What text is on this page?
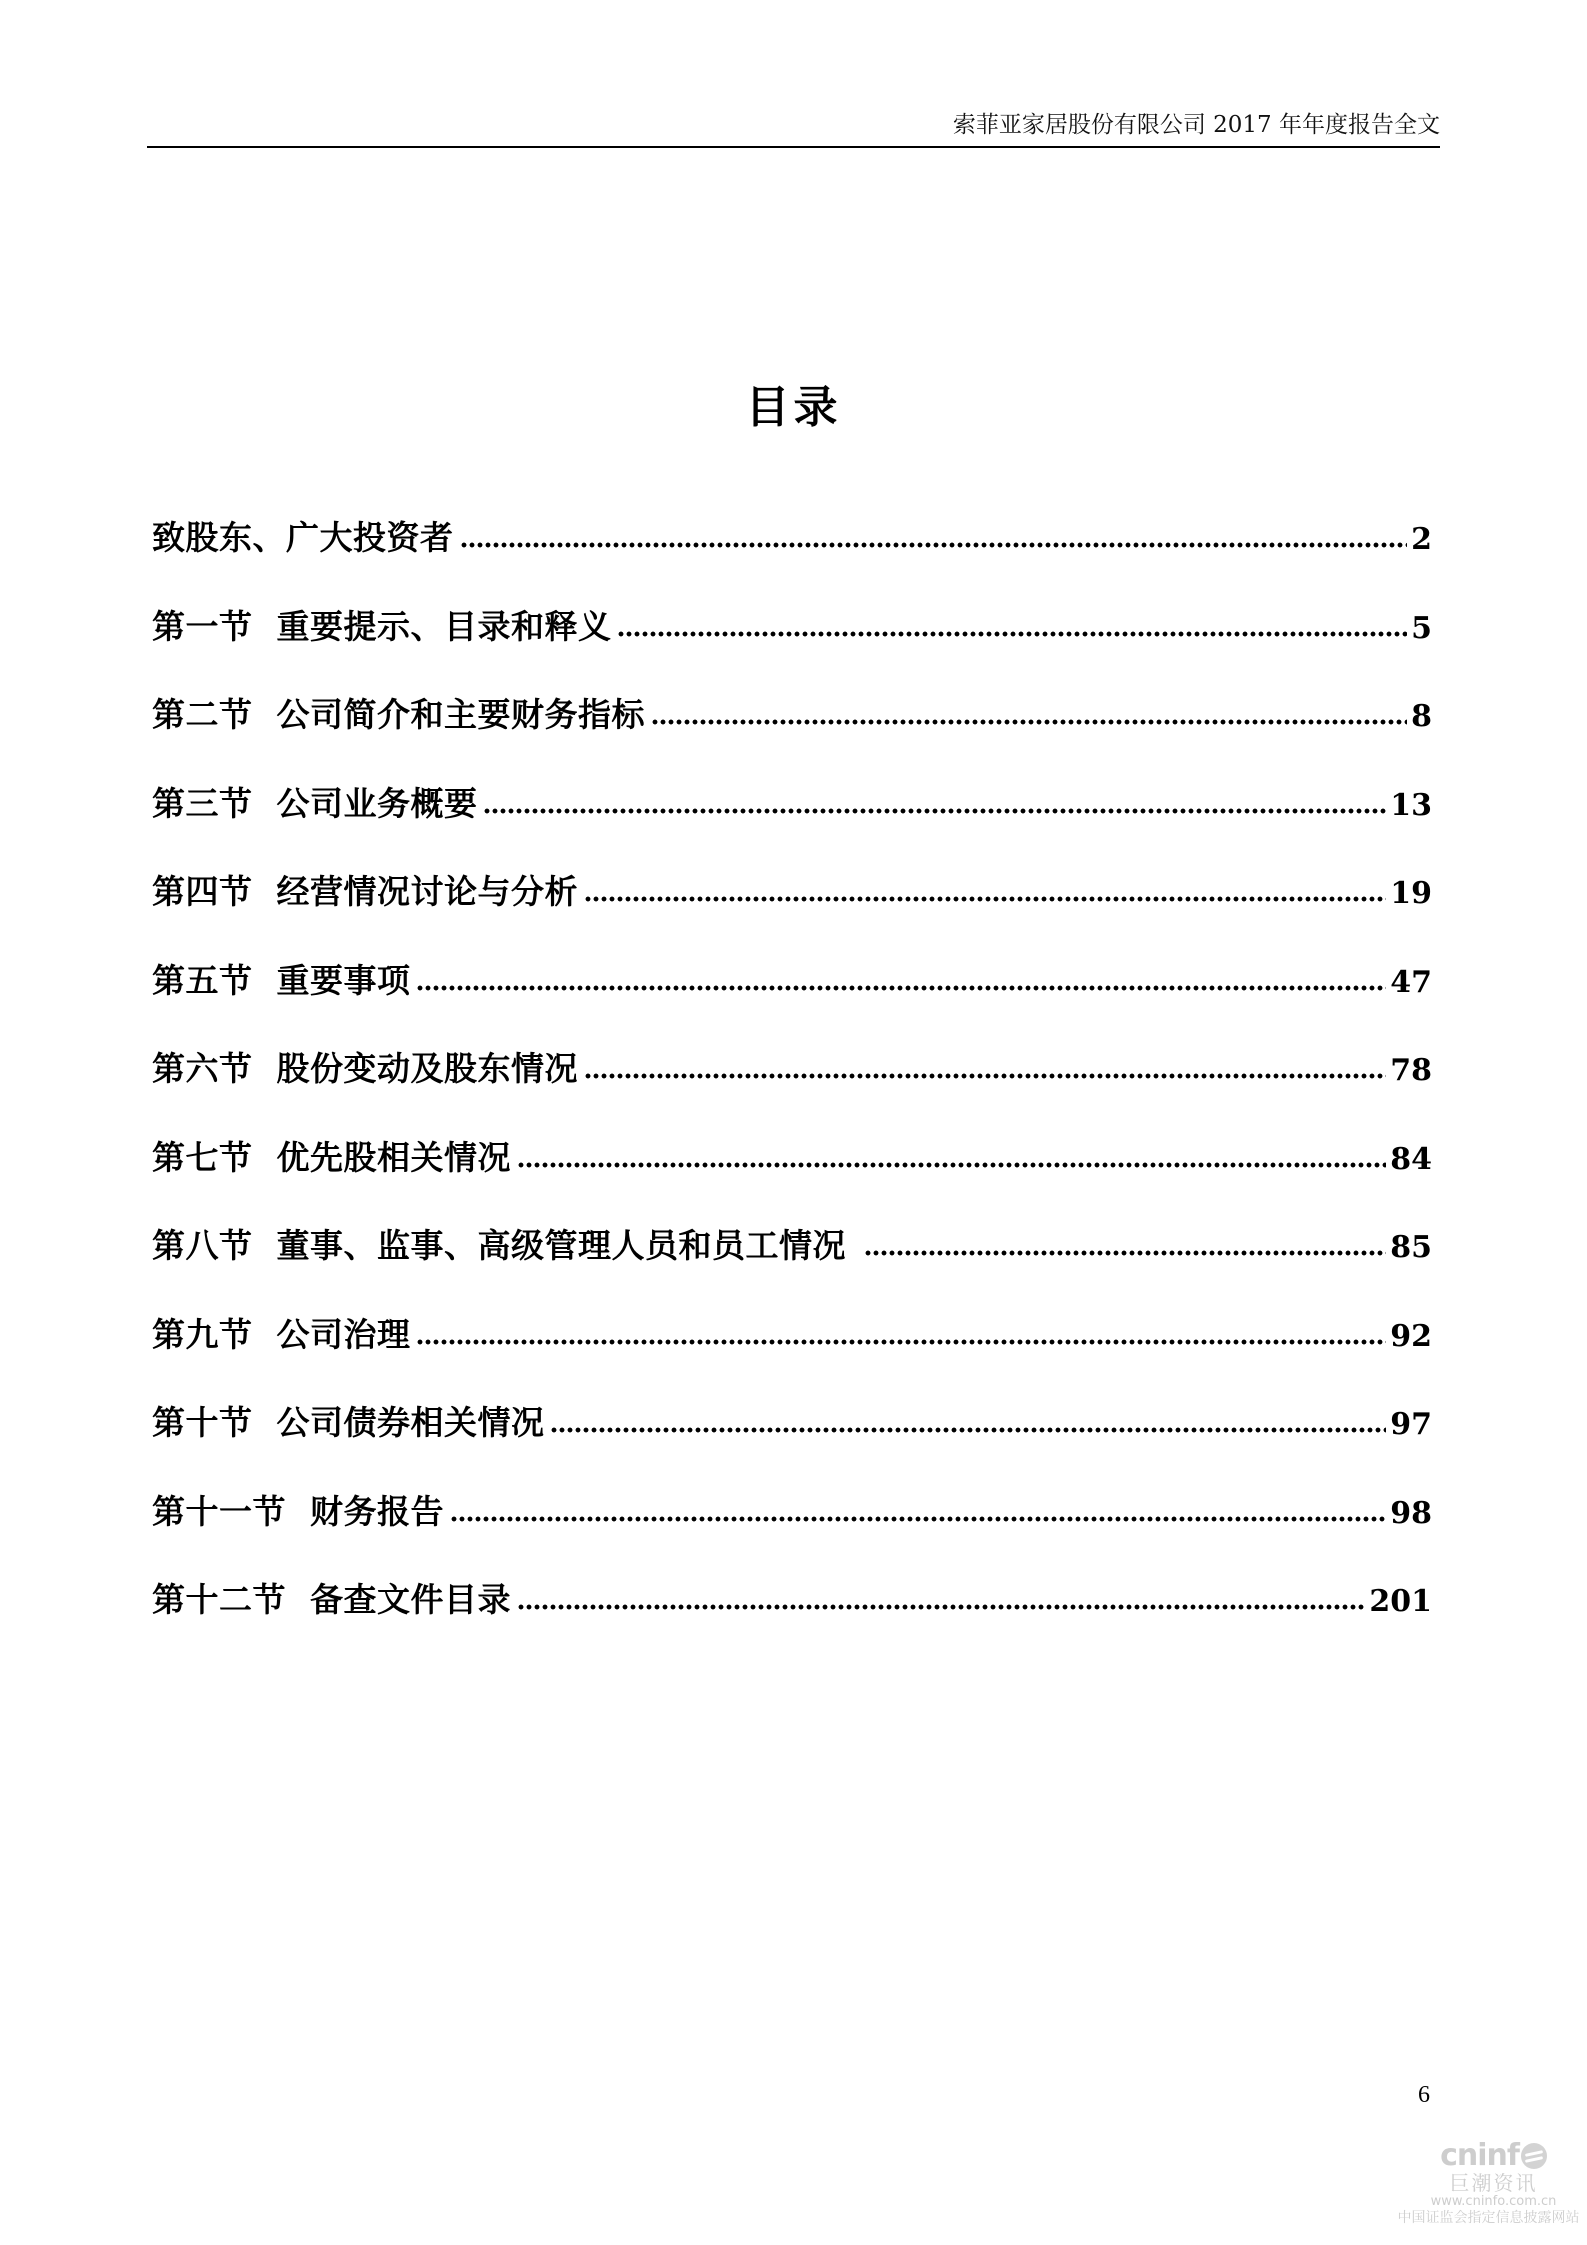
索菲亚家居股份有限公司 2017 年年度报告全文
目录
致股东、广大投资者	2
第一节  重要提示、目录和释义	5
第二节  公司简介和主要财务指标	8
第三节  公司业务概要	13
第四节  经营情况讨论与分析	19
第五节  重要事项	47
第六节  股份变动及股东情况	78
第七节  优先股相关情况	84
第八节  董事、监事、高级管理人员和员工情况	85
第九节  公司治理	92
第十节  公司债券相关情况	97
第十一节  财务报告	98
第十二节  备查文件目录	201
6
cninf
巨潮资讯
www.cninfo.com.cn
中国证监会指定信息披露网站
